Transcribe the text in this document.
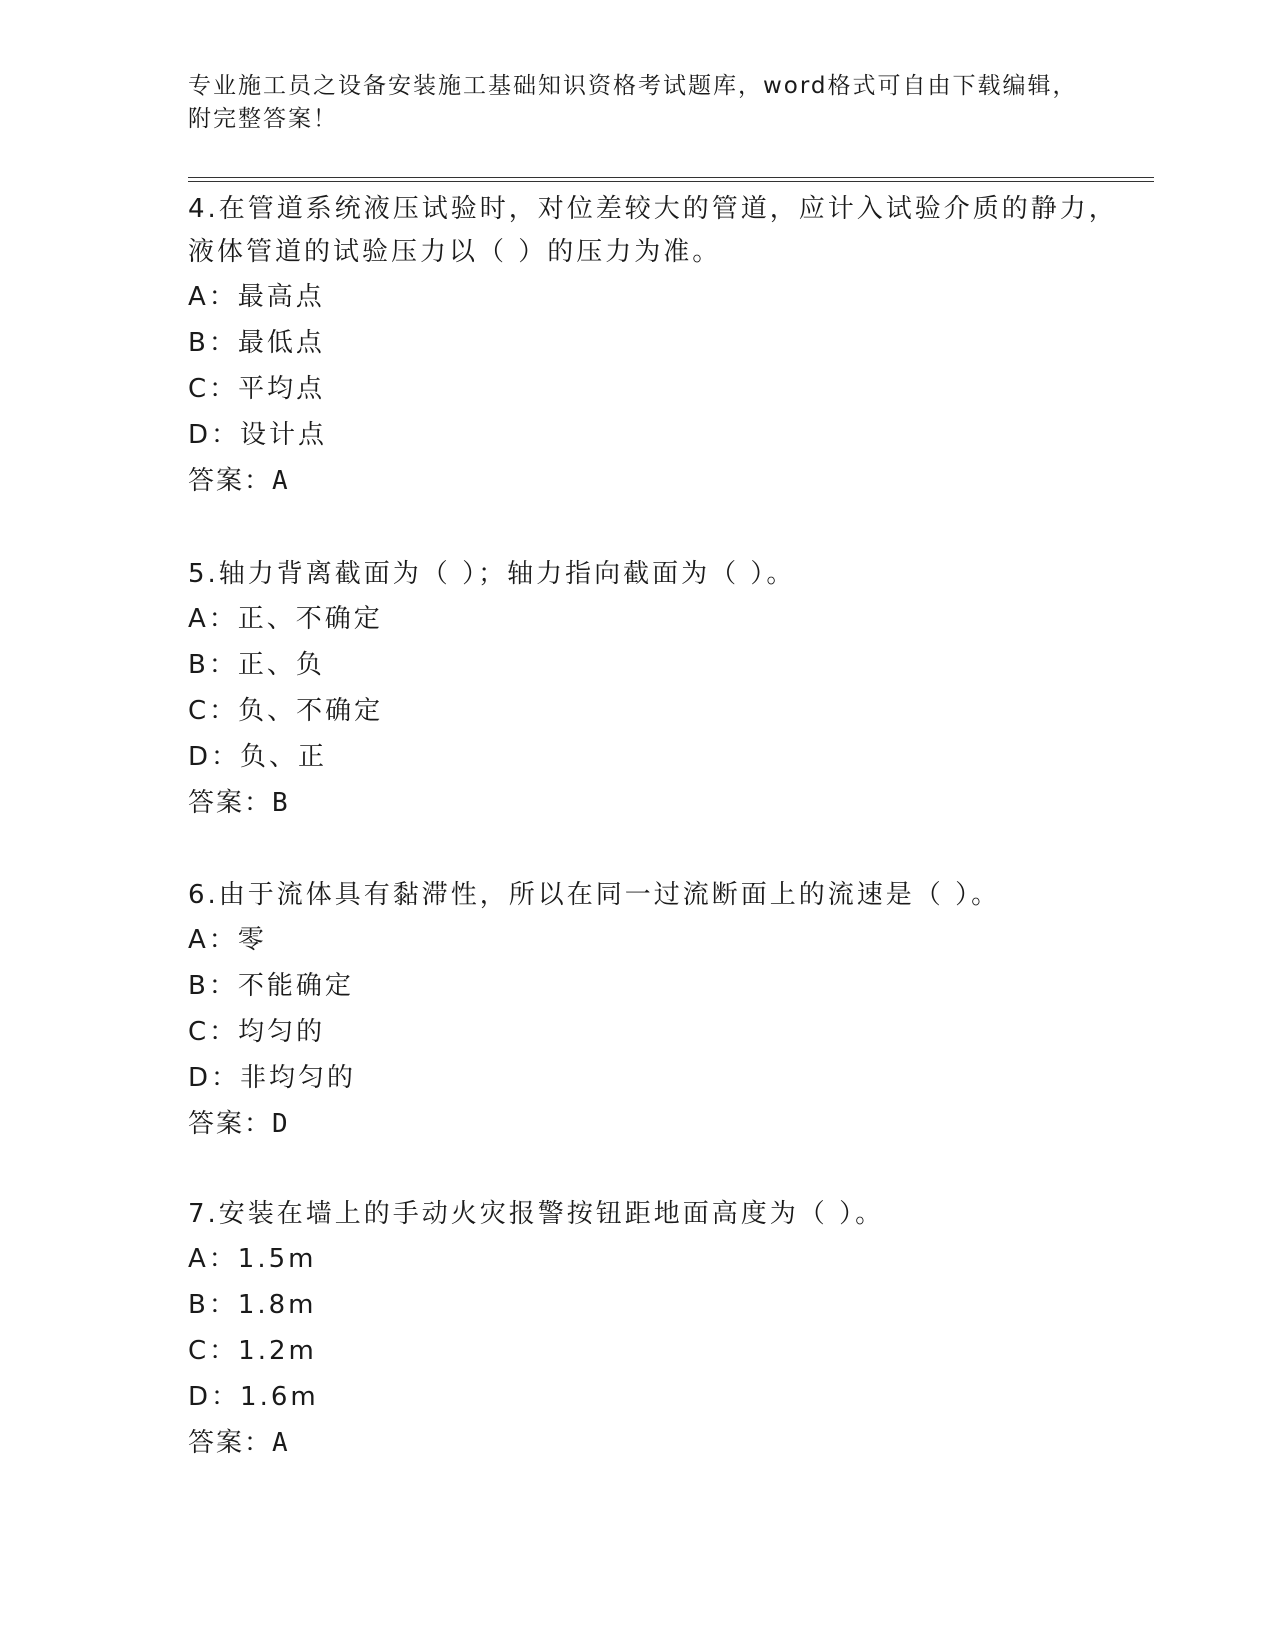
专业施工员之设备安装施工基础知识资格考试题库，word格式可自由下载编辑，
附完整答案！

4.在管道系统液压试验时，对位差较大的管道，应计入试验介质的静力，液体管道的试验压力以（ ）的压力为准。

A：最高点

B：最低点

C：平均点

D：设计点

答案：A

5.轴力背离截面为（ ）；轴力指向截面为（ ）。

A：正、不确定

B：正、负

C：负、不确定

D：负、正

答案：B

6.由于流体具有黏滞性，所以在同一过流断面上的流速是（ ）。

A：零

B：不能确定

C：均匀的

D：非均匀的

答案：D

7.安装在墙上的手动火灾报警按钮距地面高度为（ ）。

A：1.5m

B：1.8m

C：1.2m

D：1.6m

答案：A
